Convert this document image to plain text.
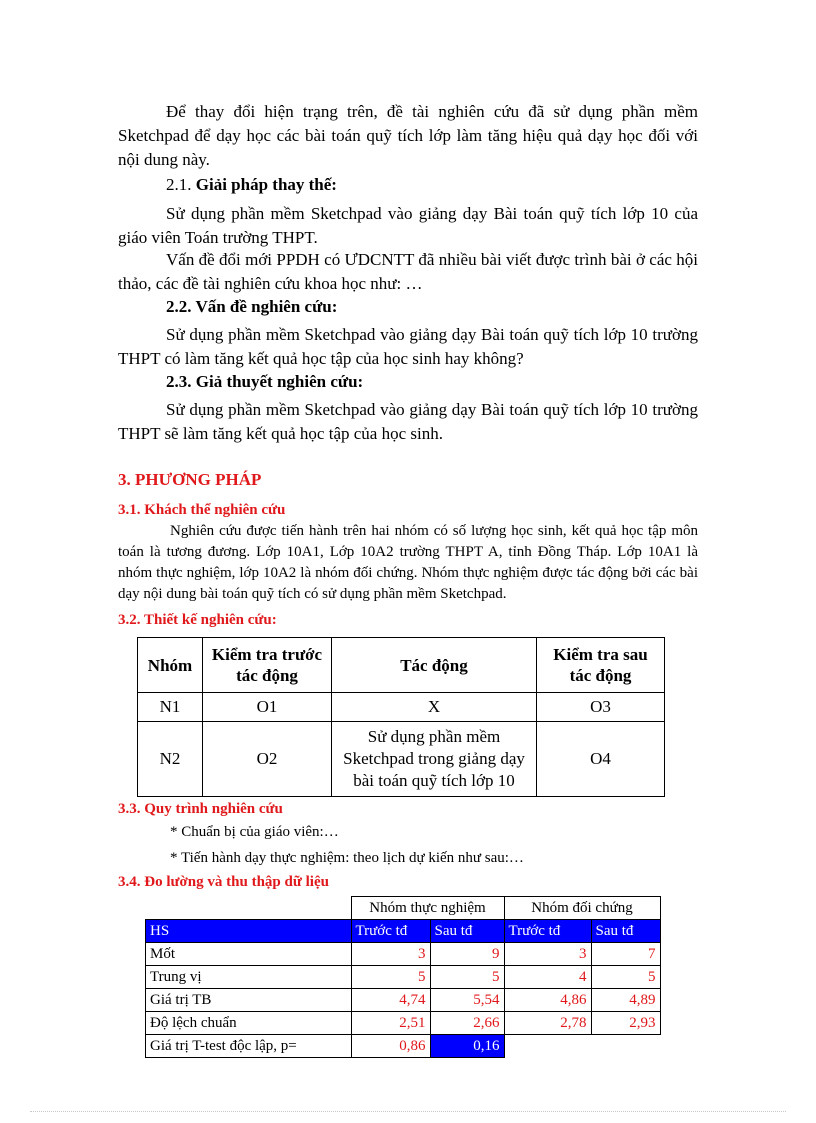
Để thay đổi hiện trạng trên, đề tài nghiên cứu đã sử dụng phần mềm Sketchpad để dạy học các bài toán quỹ tích lớp làm tăng hiệu quả dạy học đối với nội dung này.
2.1. Giải pháp thay thế:
Sử dụng phần mềm Sketchpad vào giảng dạy Bài toán quỹ tích lớp 10 của giáo viên Toán trường THPT.
Vấn đề đổi mới PPDH có ƯDCNTT đã nhiều bài viết được trình bài ở các hội thảo, các đề tài nghiên cứu khoa học như: …
2.2. Vấn đề nghiên cứu:
Sử dụng phần mềm Sketchpad vào giảng dạy Bài toán quỹ tích lớp 10 trường THPT có làm tăng kết quả học tập của học sinh hay không?
2.3. Giả thuyết nghiên cứu:
Sử dụng phần mềm Sketchpad vào giảng dạy Bài toán quỹ tích lớp 10 trường THPT sẽ làm tăng kết quả học tập của học sinh.
3. PHƯƠNG PHÁP
3.1. Khách thể nghiên cứu
Nghiên cứu được tiến hành trên hai nhóm có số lượng học sinh, kết quả học tập môn toán là tương đương. Lớp 10A1, Lớp 10A2 trường THPT A, tỉnh Đồng Tháp. Lớp 10A1 là nhóm thực nghiệm, lớp 10A2 là nhóm đối chứng. Nhóm thực nghiệm được tác động bởi các bài dạy nội dung bài toán quỹ tích có sử dụng phần mềm Sketchpad.
3.2. Thiết kế nghiên cứu:
Nhóm	Kiểm tra trước tác động	Tác động	Kiểm tra sau tác động
N1	O1	X	O3
N2	O2	Sử dụng phần mềm Sketchpad trong giảng dạy bài toán quỹ tích lớp 10	O4
3.3. Quy trình nghiên cứu
* Chuẩn bị của giáo viên:…
* Tiến hành dạy thực nghiệm: theo lịch dự kiến như sau:…
3.4. Đo lường và thu thập dữ liệu
	Nhóm thực nghiệm		Nhóm đối chứng	
HS	Trước tđ	Sau tđ	Trước tđ	Sau tđ
Mốt	3	9	3	7
Trung vị	5	5	4	5
Giá trị TB	4,74	5,54	4,86	4,89
Độ lệch chuẩn	2,51	2,66	2,78	2,93
Giá trị T-test độc lập, p=	0,86	0,16		
